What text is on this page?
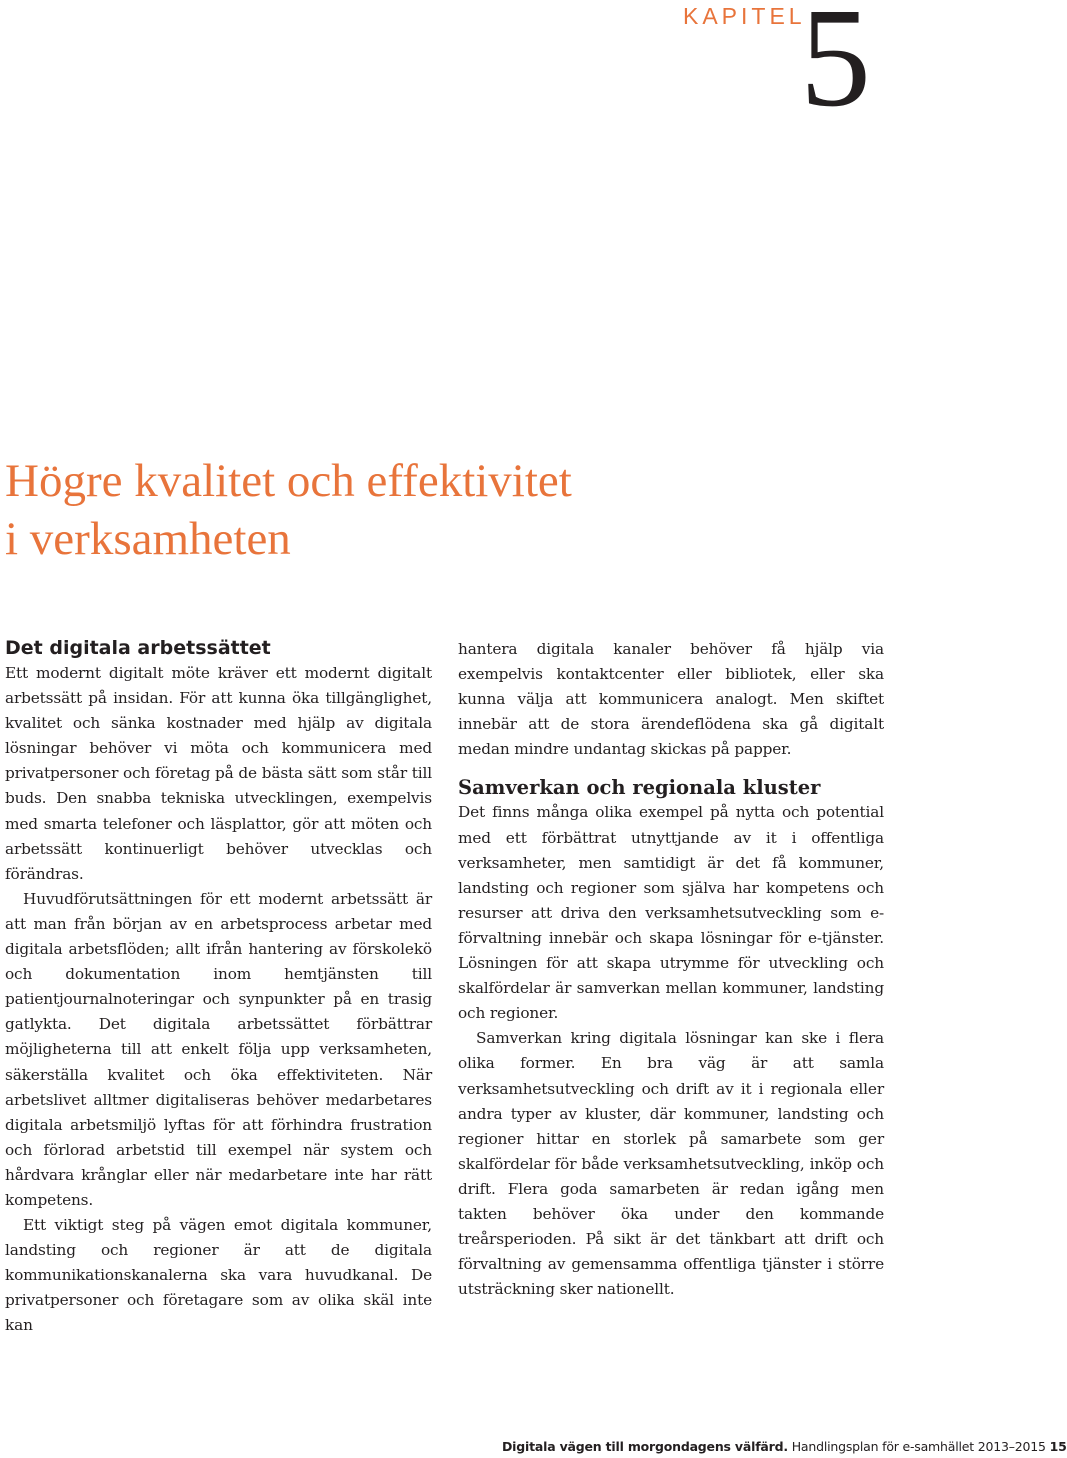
KAPITEL
5
Högre kvalitet och effektivitet
i verksamheten
Det digitala arbetssättet

Ett modernt digitalt möte kräver ett modernt digitalt arbetssätt på insidan. För att kunna öka tillgänglighet, kvalitet och sänka kostnader med hjälp av digitala lösningar behöver vi möta och kommunicera med privatpersoner och företag på de bästa sätt som står till buds. Den snabba tekniska utvecklingen, exempelvis med smarta telefoner och läsplattor, gör att möten och arbetssätt kontinuerligt behöver utvecklas och förändras.

Huvudförutsättningen för ett modernt arbetssätt är att man från början av en arbetsprocess arbetar med digitala arbetsflöden; allt ifrån hantering av förskolekö och dokumentation inom hemtjänsten till patientjournalnoteringar och synpunkter på en trasig gatlykta. Det digitala arbetssättet förbättrar möjligheterna till att enkelt följa upp verksamheten, säkerställa kvalitet och öka effektiviteten. När arbetslivet alltmer digitaliseras behöver medarbetares digitala arbetsmiljö lyftas för att förhindra frustration och förlorad arbetstid till exempel när system och hårdvara krånglar eller när medarbetare inte har rätt kompetens.

Ett viktigt steg på vägen emot digitala kommuner, landsting och regioner är att de digitala kommunikationskanalerna ska vara huvudkanal. De privatpersoner och företagare som av olika skäl inte kan

hantera digitala kanaler behöver få hjälp via exempelvis kontaktcenter eller bibliotek, eller ska kunna välja att kommunicera analogt. Men skiftet innebär att de stora ärendeflödena ska gå digitalt medan mindre undantag skickas på papper.

Samverkan och regionala kluster

Det finns många olika exempel på nytta och potential med ett förbättrat utnyttjande av it i offentliga verksamheter, men samtidigt är det få kommuner, landsting och regioner som själva har kompetens och resurser att driva den verksamhetsutveckling som e-förvaltning innebär och skapa lösningar för e-tjänster. Lösningen för att skapa utrymme för utveckling och skalfördelar är samverkan mellan kommuner, landsting och regioner.

Samverkan kring digitala lösningar kan ske i flera olika former. En bra väg är att samla verksamhetsutveckling och drift av it i regionala eller andra typer av kluster, där kommuner, landsting och regioner hittar en storlek på samarbete som ger skalfördelar för både verksamhetsutveckling, inköp och drift. Flera goda samarbeten är redan igång men takten behöver öka under den kommande treårsperioden. På sikt är det tänkbart att drift och förvaltning av gemensamma offentliga tjänster i större utsträckning sker nationellt.

Digitala vägen till morgondagens välfärd. Handlingsplan för e-samhället 2013–2015 15
